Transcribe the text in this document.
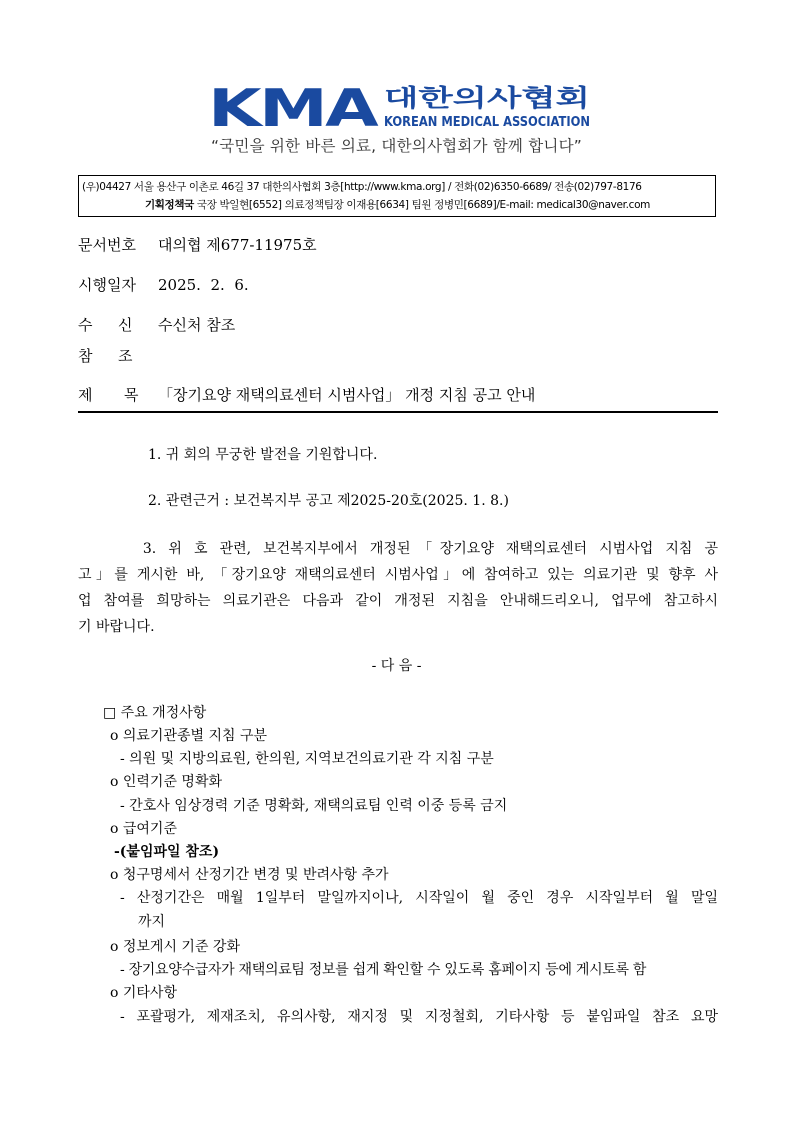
KMA 대한의사협회
KOREAN MEDICAL ASSOCIATION
“국민을 위한 바른 의료, 대한의사협회가 함께 합니다”
(우)04427 서울 용산구 이촌로 46길 37 대한의사협회 3층[http://www.kma.org] / 전화(02)6350-6689/ 전송(02)797-8176
기획정책국 국장 박일현[6552] 의료정책팀장 이재용[6634] 팀원 정병민[6689]/E-mail: medical30@naver.com
문서번호 대의협 제677-11975호
시행일자 2025.  2.  6.
수 신 수신처 참조
참 조
제 목 「장기요양 재택의료센터 시범사업」 개정 지침 공고 안내
1. 귀 회의 무궁한 발전을 기원합니다.
2. 관련근거 : 보건복지부 공고 제2025-20호(2025. 1. 8.)
　　　3. 위 호 관련, 보건복지부에서 개정된「장기요양 재택의료센터 시범사업 지침 공
고」를 게시한 바, 「장기요양 재택의료센터 시범사업」에 참여하고 있는 의료기관 및 향후 사
업 참여를 희망하는 의료기관은 다음과 같이 개정된 지침을 안내해드리오니, 업무에 참고하시
기 바랍니다.
- 다 음 -
□ 주요 개정사항
o 의료기관종별 지침 구분
- 의원 및 지방의료원, 한의원, 지역보건의료기관 각 지침 구분
o 인력기준 명확화
- 간호사 임상경력 기준 명확화, 재택의료팀 인력 이중 등록 금지
o 급여기준
-(붙임파일 참조)
o 청구명세서 산정기간 변경 및 반려사항 추가
- 산정기간은 매월 1일부터 말일까지이나, 시작일이 월 중인 경우 시작일부터 월 말일
까지
o 정보게시 기준 강화
- 장기요양수급자가 재택의료팀 정보를 쉽게 확인할 수 있도록 홈페이지 등에 게시토록 함
o 기타사항
- 포괄평가, 제재조치, 유의사항, 재지정 및 지정철회, 기타사항 등 붙임파일 참조 요망
